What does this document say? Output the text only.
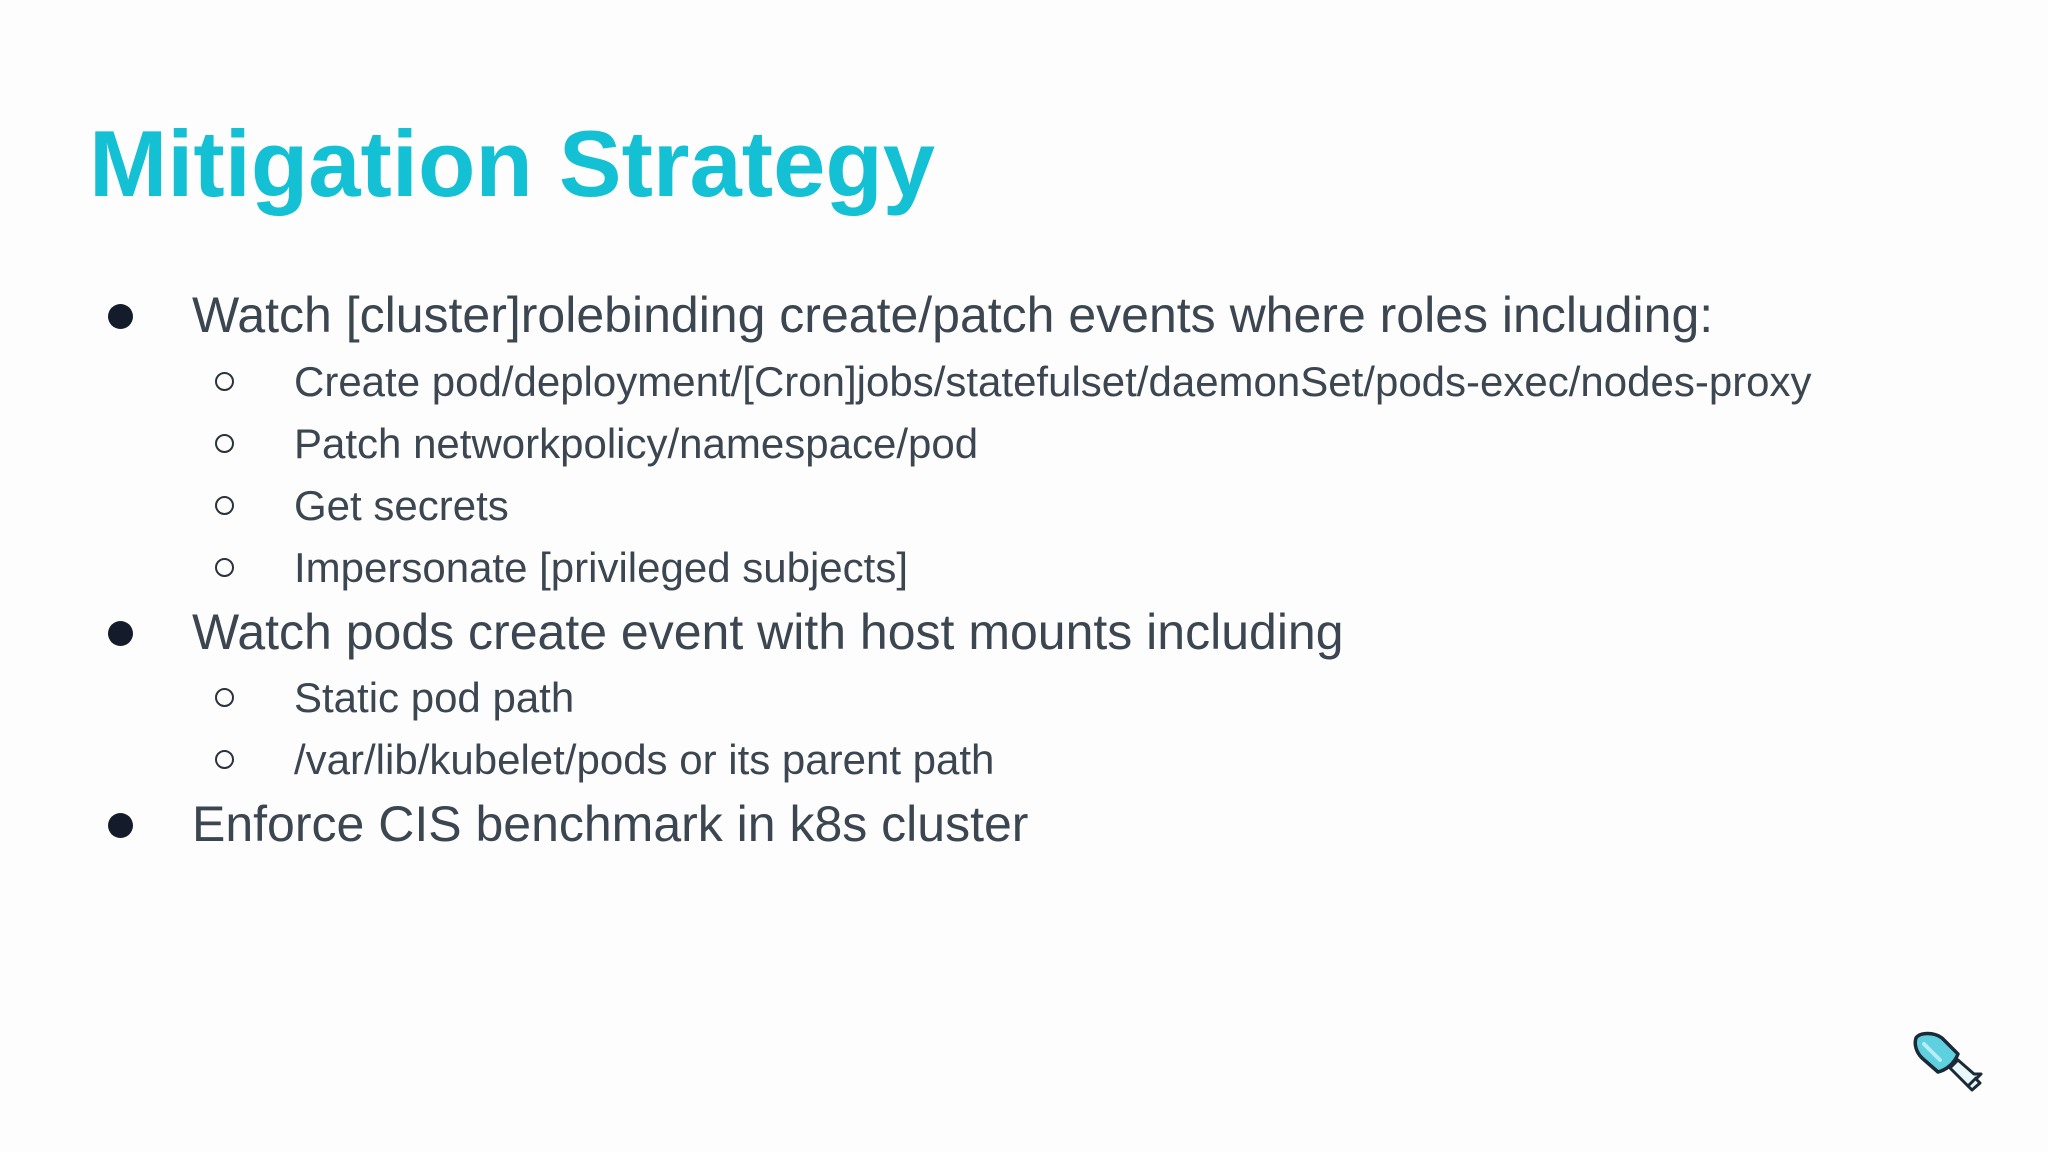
Mitigation Strategy
Watch [cluster]rolebinding create/patch events where roles including:
Create pod/deployment/[Cron]jobs/statefulset/daemonSet/pods-exec/nodes-proxy
Patch networkpolicy/namespace/pod
Get secrets
Impersonate [privileged subjects]
Watch pods create event with host mounts including
Static pod path
/var/lib/kubelet/pods or its parent path
Enforce CIS benchmark in k8s cluster
